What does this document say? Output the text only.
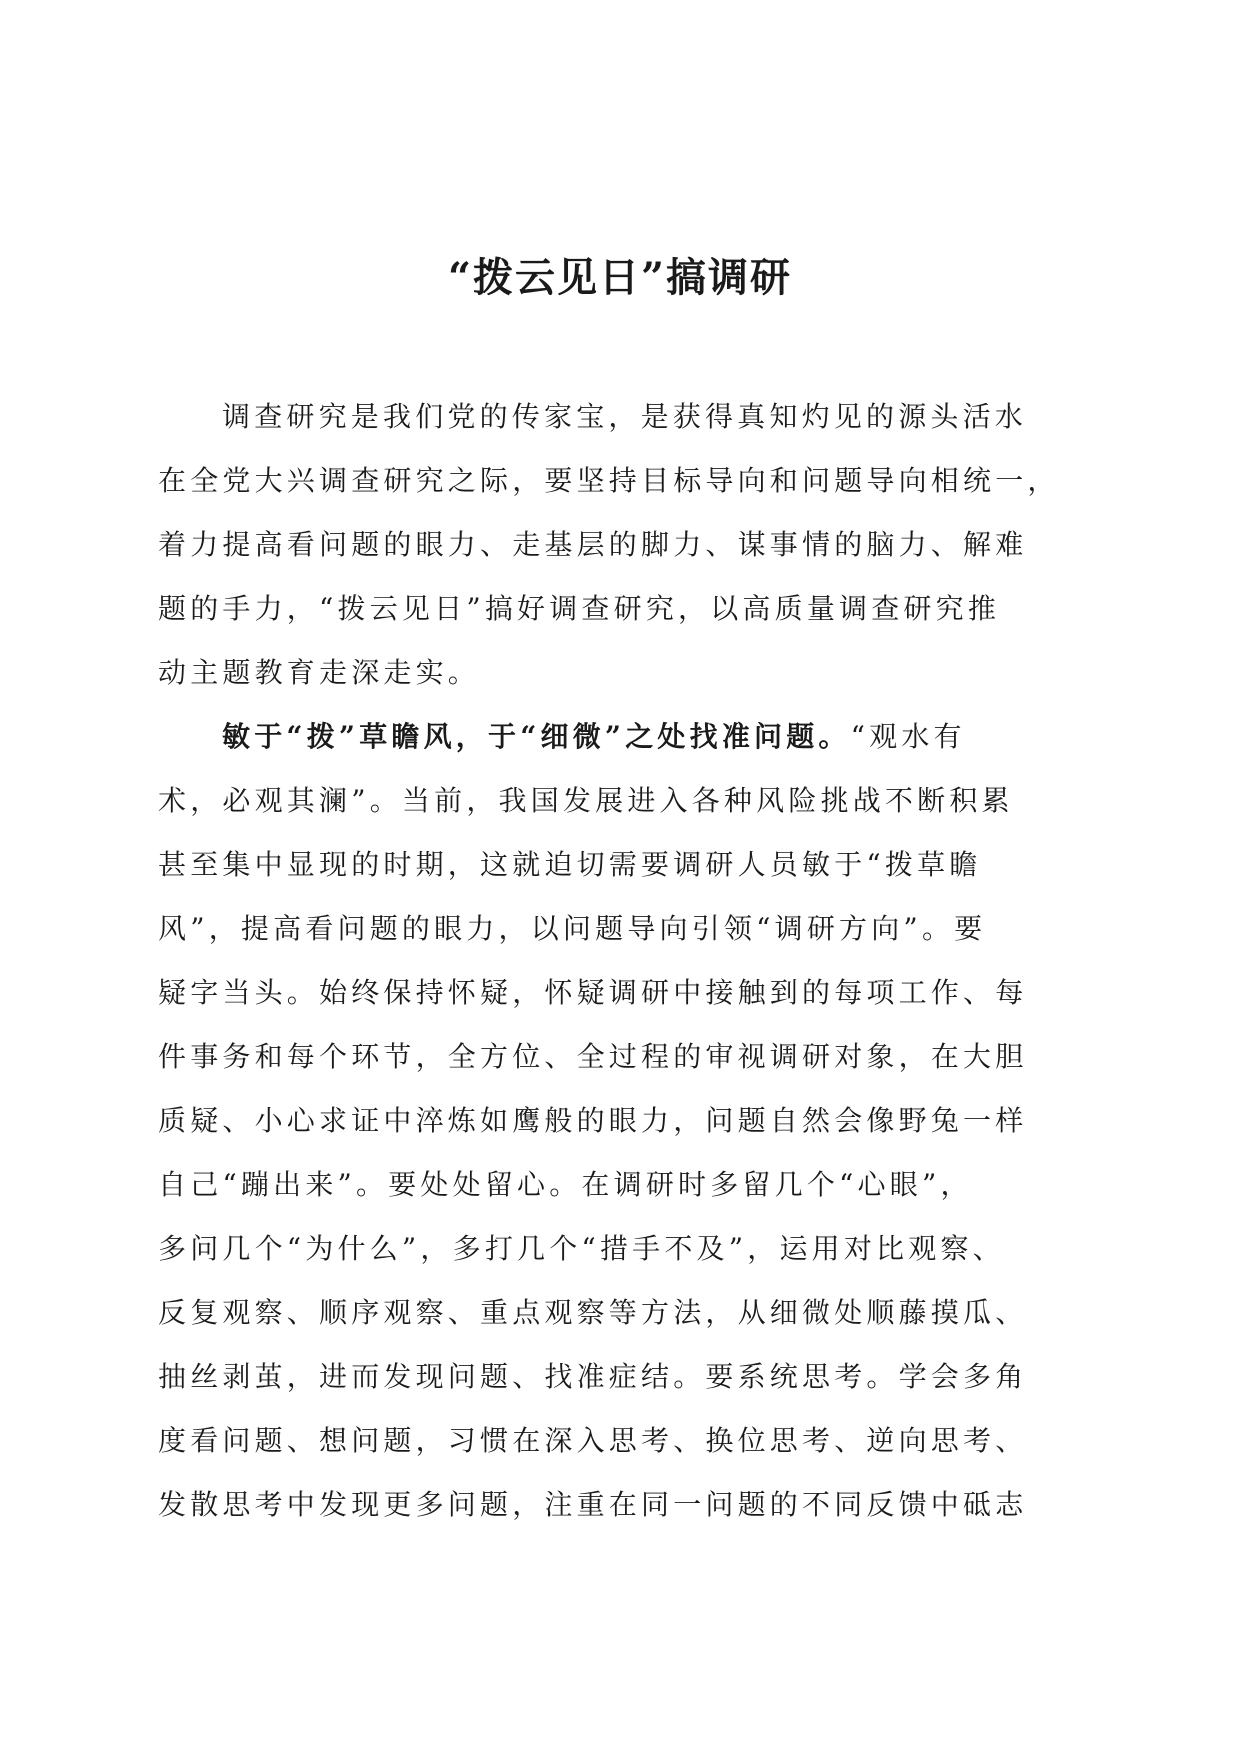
“拨云见日”搞调研
调查研究是我们党的传家宝，是获得真知灼见的源头活水
在全党大兴调查研究之际，要坚持目标导向和问题导向相统一，
着力提高看问题的眼力、走基层的脚力、谋事情的脑力、解难
题的手力，“拨云见日”搞好调查研究，以高质量调查研究推
动主题教育走深走实。
敏于“拨”草瞻风，于“细微”之处找准问题。“观水有
术，必观其澜”。当前，我国发展进入各种风险挑战不断积累
甚至集中显现的时期，这就迫切需要调研人员敏于“拨草瞻
风”，提高看问题的眼力，以问题导向引领“调研方向”。要
疑字当头。始终保持怀疑，怀疑调研中接触到的每项工作、每
件事务和每个环节，全方位、全过程的审视调研对象，在大胆
质疑、小心求证中淬炼如鹰般的眼力，问题自然会像野兔一样
自己“蹦出来”。要处处留心。在调研时多留几个“心眼”，
多问几个“为什么”，多打几个“措手不及”，运用对比观察、
反复观察、顺序观察、重点观察等方法，从细微处顺藤摸瓜、
抽丝剥茧，进而发现问题、找准症结。要系统思考。学会多角
度看问题、想问题，习惯在深入思考、换位思考、逆向思考、
发散思考中发现更多问题，注重在同一问题的不同反馈中砥志
